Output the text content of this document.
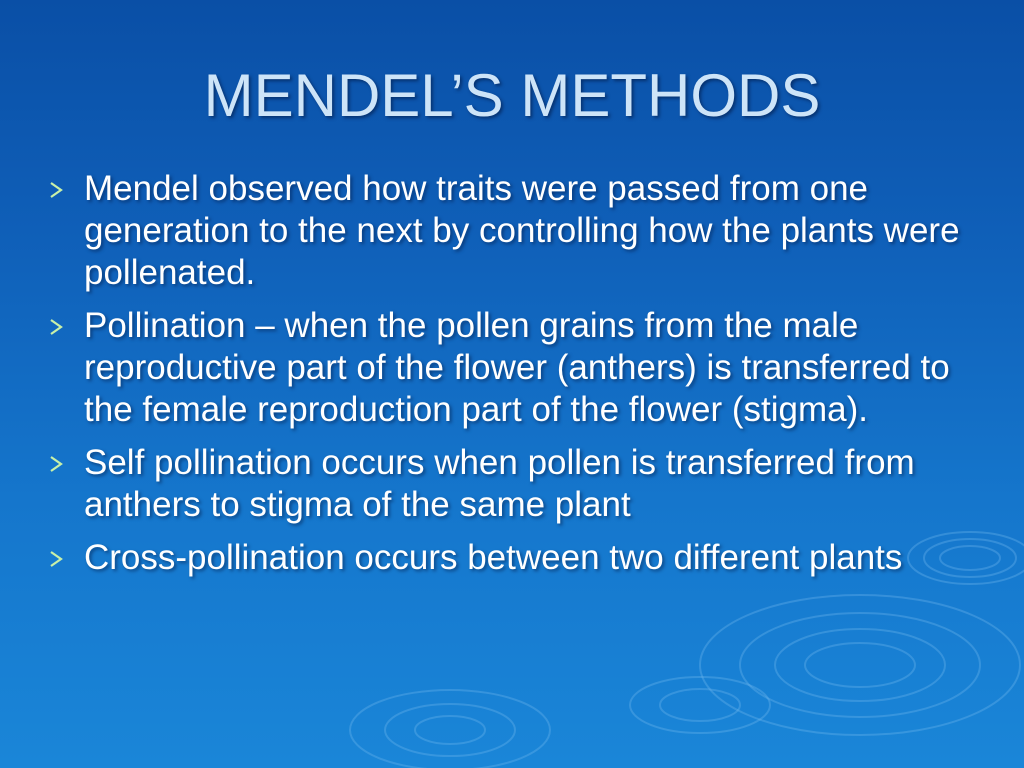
MENDEL’S METHODS
Mendel observed how traits were passed from one generation to the next by controlling how the plants were pollenated.
Pollination – when the pollen grains from the male reproductive part of the flower (anthers) is transferred to the female reproduction part of the flower (stigma).
Self pollination occurs when pollen is transferred from anthers to stigma of the same plant
Cross-pollination occurs between two different plants
